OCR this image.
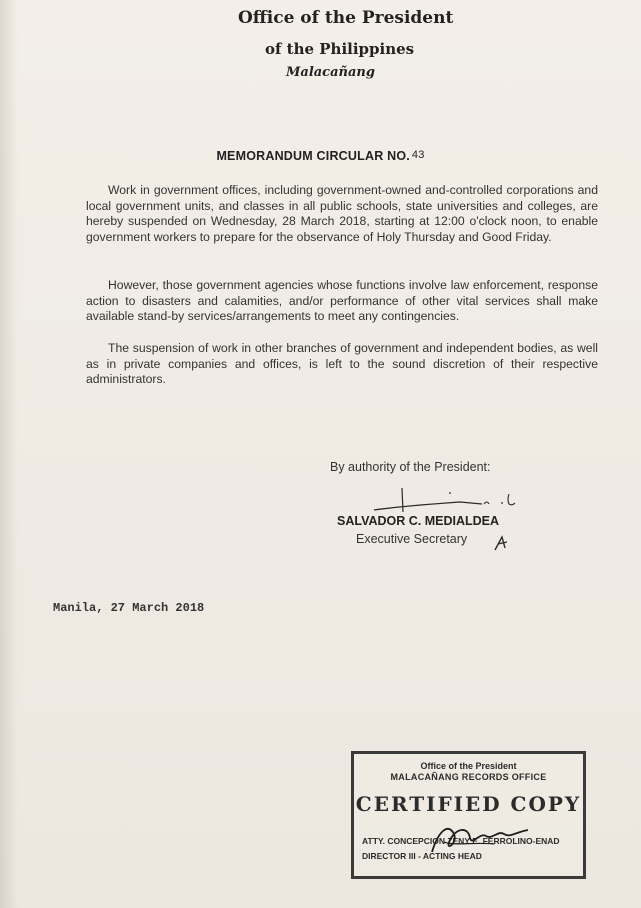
Office of the President
of the Philippines
Malacañang
MEMORANDUM CIRCULAR NO. 43
Work in government offices, including government-owned and-controlled corporations and local government units, and classes in all public schools, state universities and colleges, are hereby suspended on Wednesday, 28 March 2018, starting at 12:00 o'clock noon, to enable government workers to prepare for the observance of Holy Thursday and Good Friday.
However, those government agencies whose functions involve law enforcement, response action to disasters and calamities, and/or performance of other vital services shall make available stand-by services/arrangements to meet any contingencies.
The suspension of work in other branches of government and independent bodies, as well as in private companies and offices, is left to the sound discretion of their respective administrators.
By authority of the President:
SALVADOR C. MEDIALDEA
Executive Secretary
Manila, 27 March 2018
Office of the President
MALACAÑANG RECORDS OFFICE
CERTIFIED COPY
ATTY. CONCEPCION ZENY E. FERROLINO-ENAD
DIRECTOR III - ACTING HEAD
